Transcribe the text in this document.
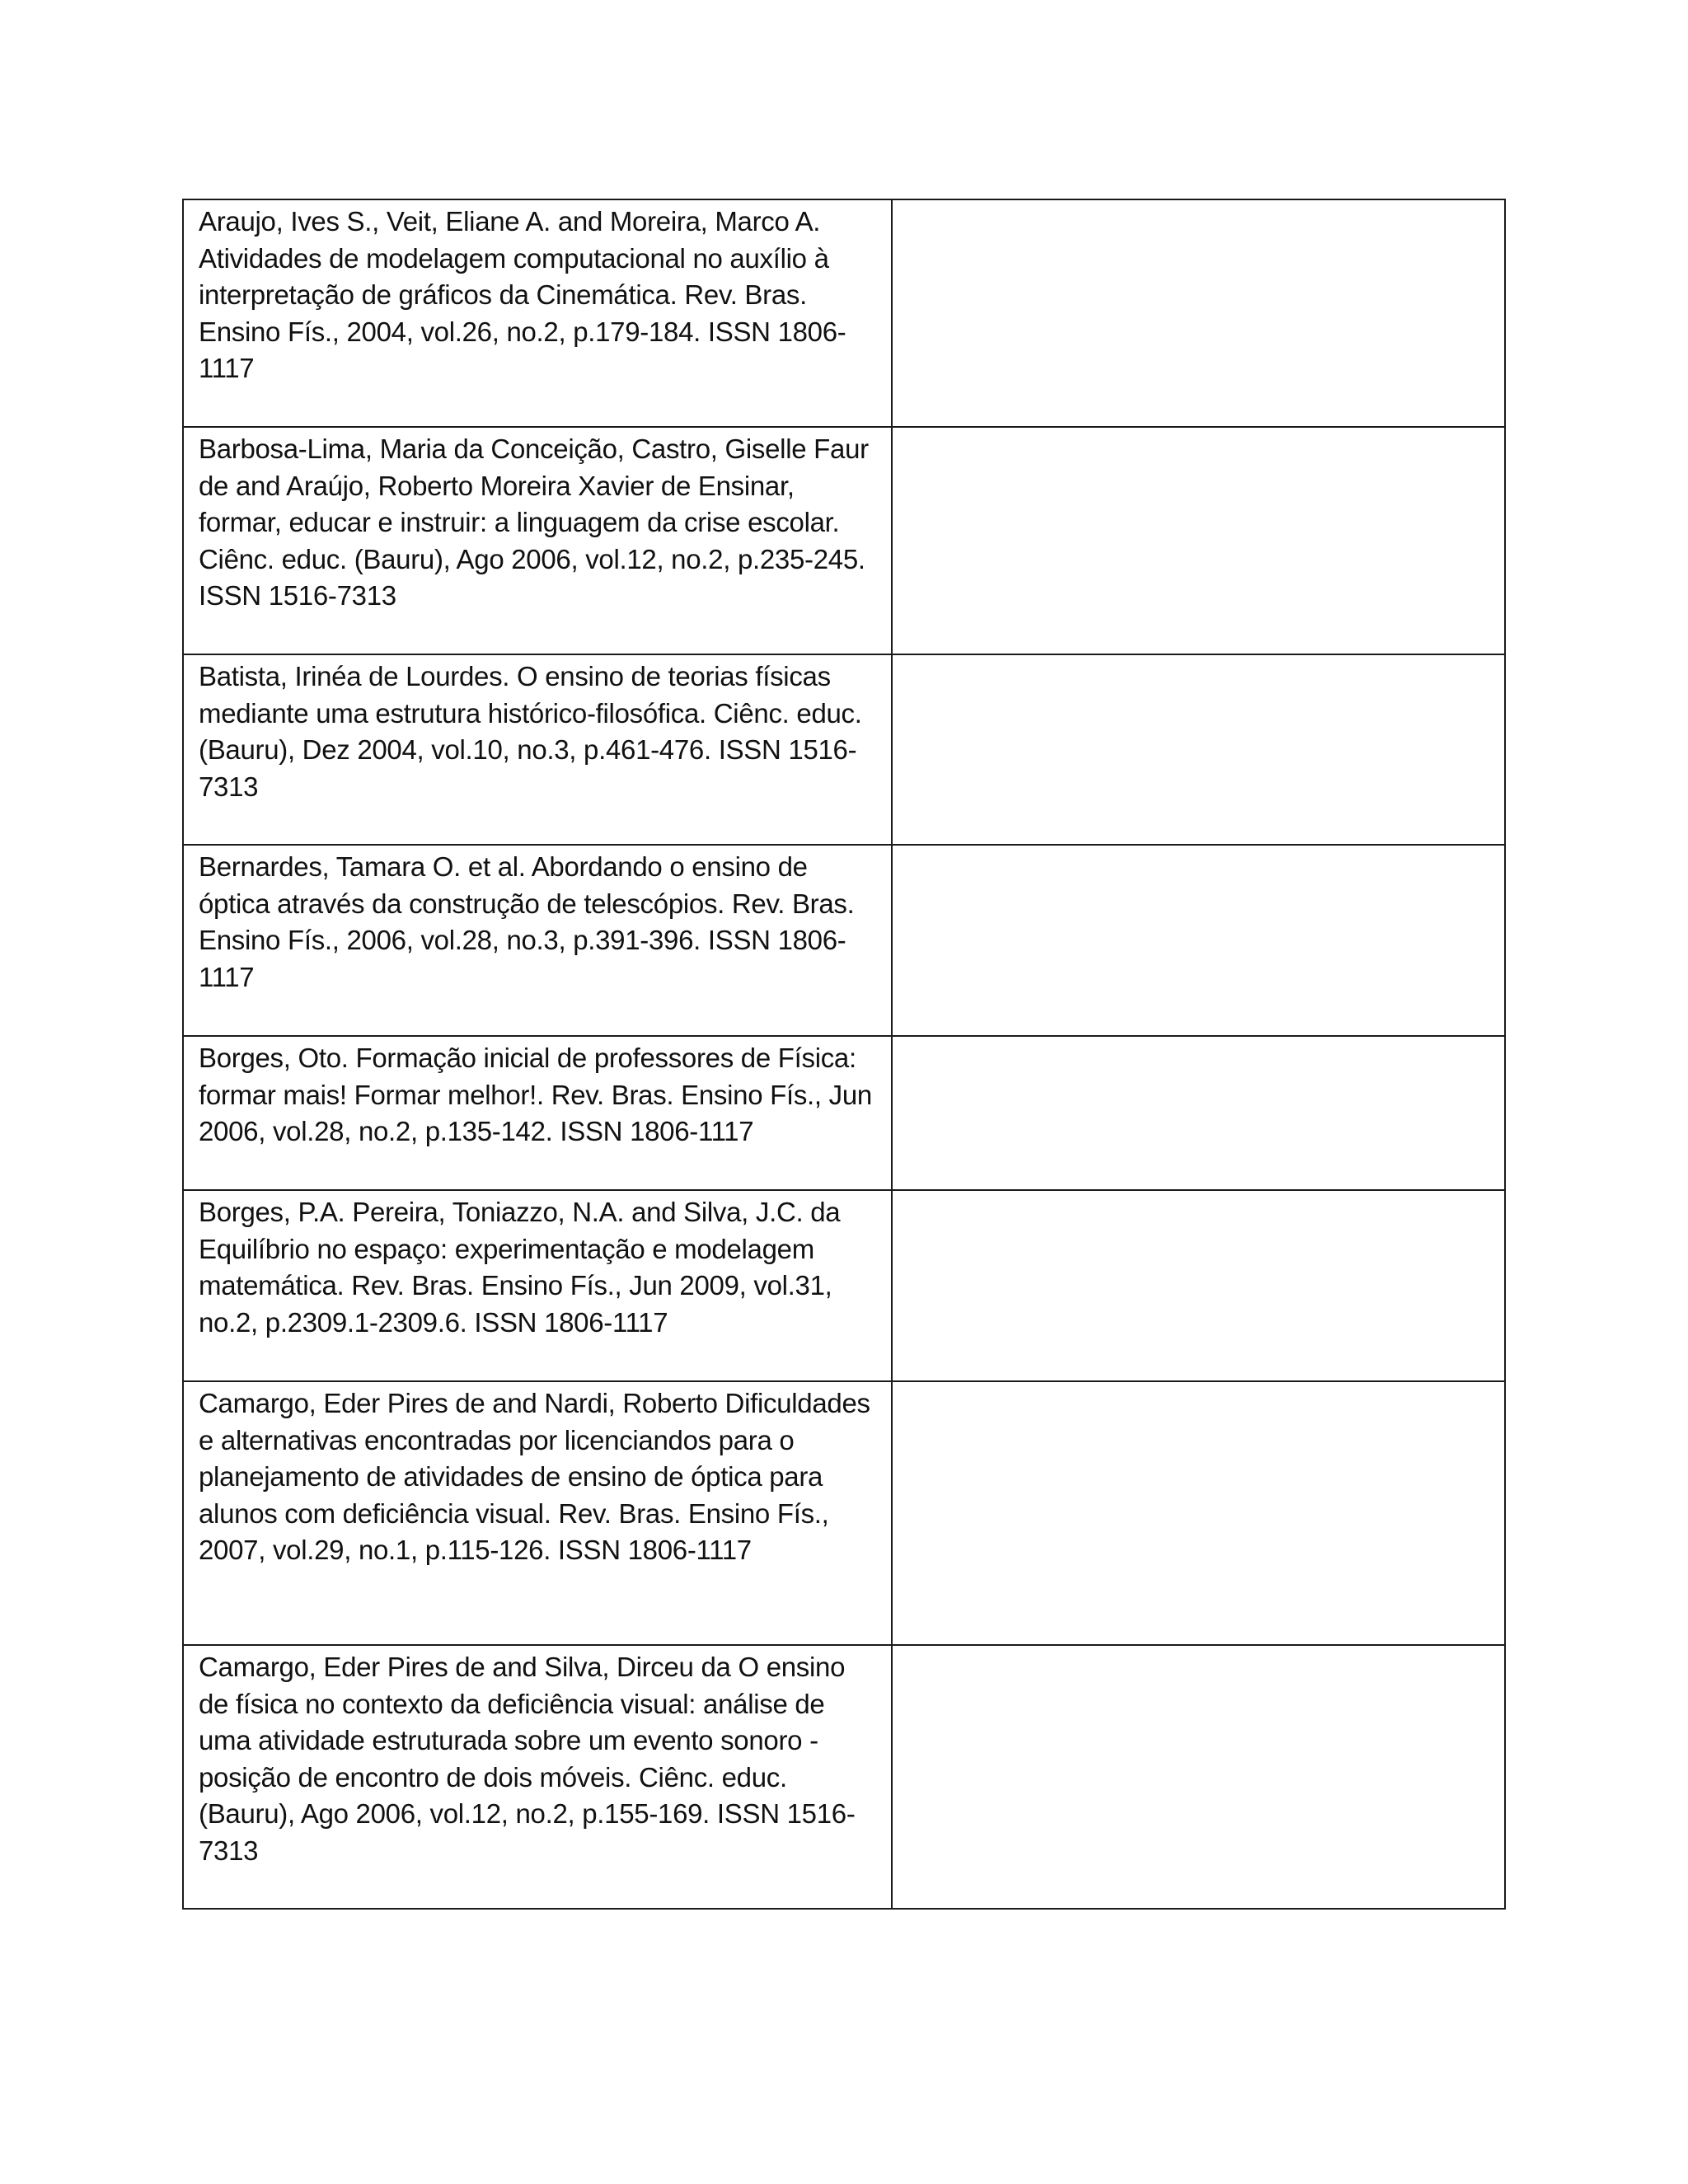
Araujo, Ives S., Veit, Eliane A. and Moreira, Marco A. Atividades de modelagem computacional no auxílio à interpretação de gráficos da Cinemática. Rev. Bras. Ensino Fís., 2004, vol.26, no.2, p.179-184. ISSN 1806-1117	

Barbosa-Lima, Maria da Conceição, Castro, Giselle Faur de and Araújo, Roberto Moreira Xavier de Ensinar, formar, educar e instruir: a linguagem da crise escolar. Ciênc. educ. (Bauru), Ago 2006, vol.12, no.2, p.235-245. ISSN 1516-7313	

Batista, Irinéa de Lourdes. O ensino de teorias físicas mediante uma estrutura histórico-filosófica. Ciênc. educ. (Bauru), Dez 2004, vol.10, no.3, p.461-476. ISSN 1516-7313	

Bernardes, Tamara O. et al. Abordando o ensino de óptica através da construção de telescópios. Rev. Bras. Ensino Fís., 2006, vol.28, no.3, p.391-396. ISSN 1806-1117	

Borges, Oto. Formação inicial de professores de Física: formar mais! Formar melhor!. Rev. Bras. Ensino Fís., Jun 2006, vol.28, no.2, p.135-142. ISSN 1806-1117	

Borges, P.A. Pereira, Toniazzo, N.A. and Silva, J.C. da Equilíbrio no espaço: experimentação e modelagem matemática. Rev. Bras. Ensino Fís., Jun 2009, vol.31, no.2, p.2309.1-2309.6. ISSN 1806-1117	

Camargo, Eder Pires de and Nardi, Roberto Dificuldades e alternativas encontradas por licenciandos para o planejamento de atividades de ensino de óptica para alunos com deficiência visual. Rev. Bras. Ensino Fís., 2007, vol.29, no.1, p.115-126. ISSN 1806-1117	

Camargo, Eder Pires de and Silva, Dirceu da O ensino de física no contexto da deficiência visual: análise de uma atividade estruturada sobre um evento sonoro - posição de encontro de dois móveis. Ciênc. educ. (Bauru), Ago 2006, vol.12, no.2, p.155-169. ISSN 1516-7313	
